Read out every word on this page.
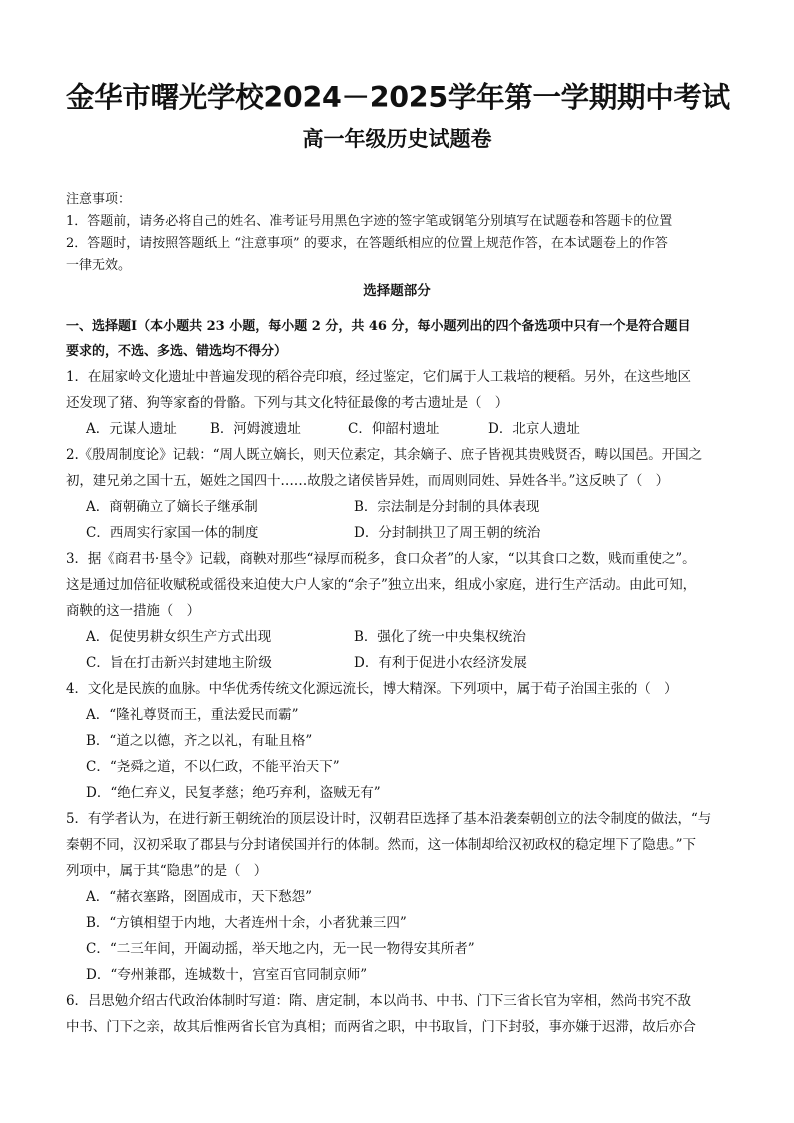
金华市曙光学校2024－2025学年第一学期期中考试
高一年级历史试题卷
注意事项：
1．答题前，请务必将自己的姓名、准考证号用黑色字迹的签字笔或钢笔分别填写在试题卷和答题卡的位置
2．答题时，请按照答题纸上 “注意事项” 的要求，在答题纸相应的位置上规范作答，在本试题卷上的作答
一律无效。
选择题部分
一、选择题Ⅰ（本小题共 23 小题，每小题 2 分，共 46 分，每小题列出的四个备选项中只有一个是符合题目
要求的，不选、多选、错选均不得分）
1．在屈家岭文化遗址中普遍发现的稻谷壳印痕，经过鉴定，它们属于人工栽培的粳稻。另外，在这些地区
还发现了猪、狗等家畜的骨骼。下列与其文化特征最像的考古遗址是（　）
A．元谋人遗址	B．河姆渡遗址	C．仰韶村遗址	D．北京人遗址
2.《殷周制度论》记载：“周人既立嫡长，则天位素定，其余嫡子、庶子皆视其贵贱贤否，畴以国邑。开国之
初，建兄弟之国十五，姬姓之国四十……故殷之诸侯皆异姓，而周则同姓、异姓各半。”这反映了（　）
A．商朝确立了嫡长子继承制	B．宗法制是分封制的具体表现
C．西周实行家国一体的制度	D．分封制拱卫了周王朝的统治
3．据《商君书·垦令》记载，商鞅对那些“禄厚而税多，食口众者”的人家，“以其食口之数，贱而重使之”。
这是通过加倍征收赋税或徭役来迫使大户人家的“余子”独立出来，组成小家庭，进行生产活动。由此可知，
商鞅的这一措施（　）
A．促使男耕女织生产方式出现	B．强化了统一中央集权统治
C．旨在打击新兴封建地主阶级	D．有利于促进小农经济发展
4．文化是民族的血脉。中华优秀传统文化源远流长，博大精深。下列项中，属于荀子治国主张的（　）
A．“隆礼尊贤而王，重法爱民而霸”
B．“道之以德，齐之以礼，有耻且格”
C．“尧舜之道，不以仁政，不能平治天下”
D．“绝仁弃义，民复孝慈；绝巧弃利，盗贼无有”
5．有学者认为，在进行新王朝统治的顶层设计时，汉朝君臣选择了基本沿袭秦朝创立的法令制度的做法，“与
秦朝不同，汉初采取了郡县与分封诸侯国并行的体制。然而，这一体制却给汉初政权的稳定埋下了隐患。”下
列项中，属于其“隐患”的是（　）
A．“赭衣塞路，囹圄成市，天下愁怨”
B．“方镇相望于内地，大者连州十余，小者犹兼三四”
C．“二三年间，开阖动摇，举天地之内，无一民一物得安其所者”
D．“夸州兼郡，连城数十，宫室百官同制京师”
6．吕思勉介绍古代政治体制时写道：隋、唐定制，本以尚书、中书、门下三省长官为宰相，然尚书究不敌
中书、门下之亲，故其后惟两省长官为真相；而两省之职，中书取旨，门下封驳，事亦嫌于迟滞，故后亦合
